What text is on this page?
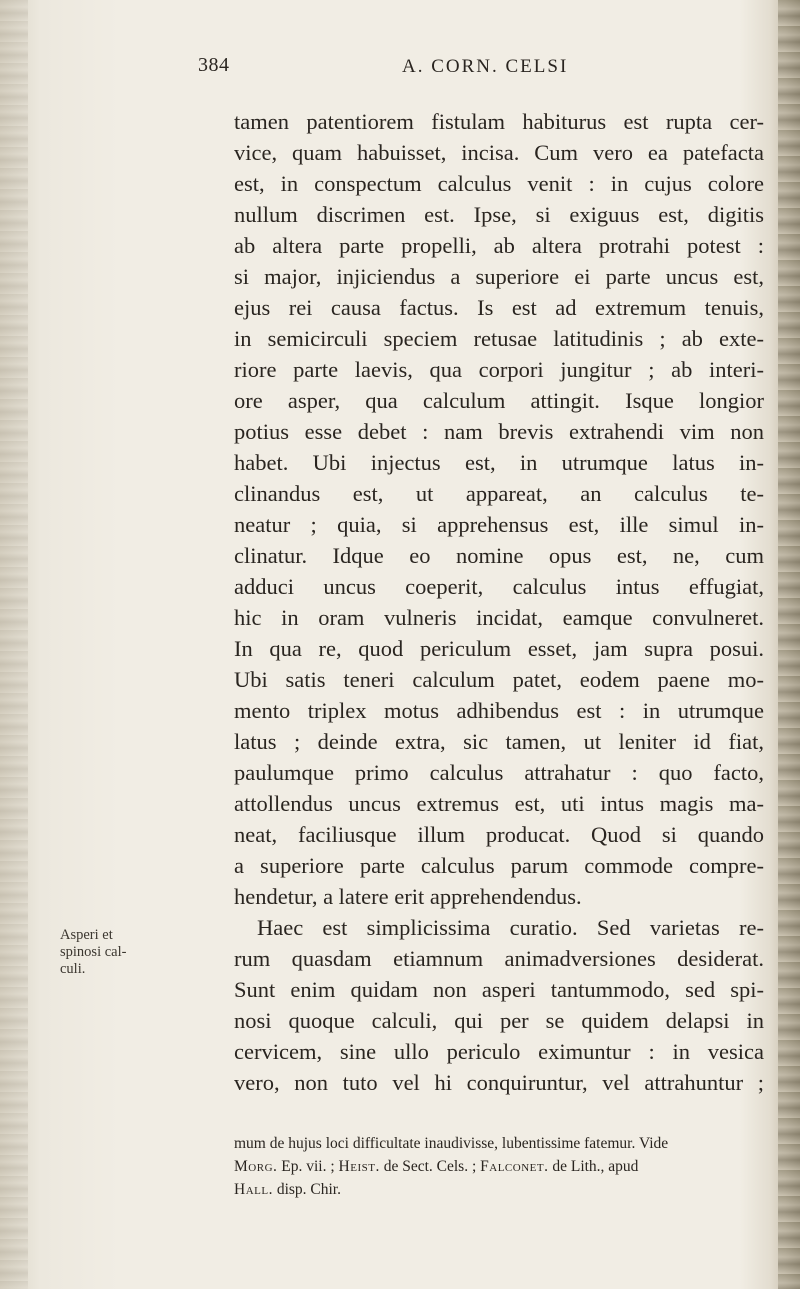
384	A. CORN. CELSI
tamen patentiorem fistulam habiturus est rupta cer-
vice, quam habuisset, incisa. Cum vero ea patefacta
est, in conspectum calculus venit : in cujus colore
nullum discrimen est. Ipse, si exiguus est, digitis
ab altera parte propelli, ab altera protrahi potest :
si major, injiciendus a superiore ei parte uncus est,
ejus rei causa factus. Is est ad extremum tenuis,
in semicirculi speciem retusae latitudinis ; ab exte-
riore parte laevis, qua corpori jungitur ; ab interi-
ore asper, qua calculum attingit. Isque longior
potius esse debet : nam brevis extrahendi vim non
habet. Ubi injectus est, in utrumque latus in-
clinandus est, ut appareat, an calculus te-
neatur ; quia, si apprehensus est, ille simul in-
clinatur. Idque eo nomine opus est, ne, cum
adduci uncus coeperit, calculus intus effugiat,
hic in oram vulneris incidat, eamque convulneret.
In qua re, quod periculum esset, jam supra posui.
Ubi satis teneri calculum patet, eodem paene mo-
mento triplex motus adhibendus est : in utrumque
latus ; deinde extra, sic tamen, ut leniter id fiat,
paulumque primo calculus attrahatur : quo facto,
attollendus uncus extremus est, uti intus magis ma-
neat, faciliusque illum producat. Quod si quando
a superiore parte calculus parum commode compre-
hendetur, a latere erit apprehendendus.
Haec est simplicissima curatio. Sed varietas re-
rum quasdam etiamnum animadversiones desiderat.
Sunt enim quidam non asperi tantummodo, sed spi-
nosi quoque calculi, qui per se quidem delapsi in
cervicem, sine ullo periculo eximuntur : in vesica
vero, non tuto vel hi conquiruntur, vel attrahuntur ;
Asperi et
spinosi cal-
culi.
mum de hujus loci difficultate inaudivisse, lubentissime fatemur. Vide
Morg. Ep. vii. ; Heist. de Sect. Cels. ; Falconet. de Lith., apud
Hall. disp. Chir.
